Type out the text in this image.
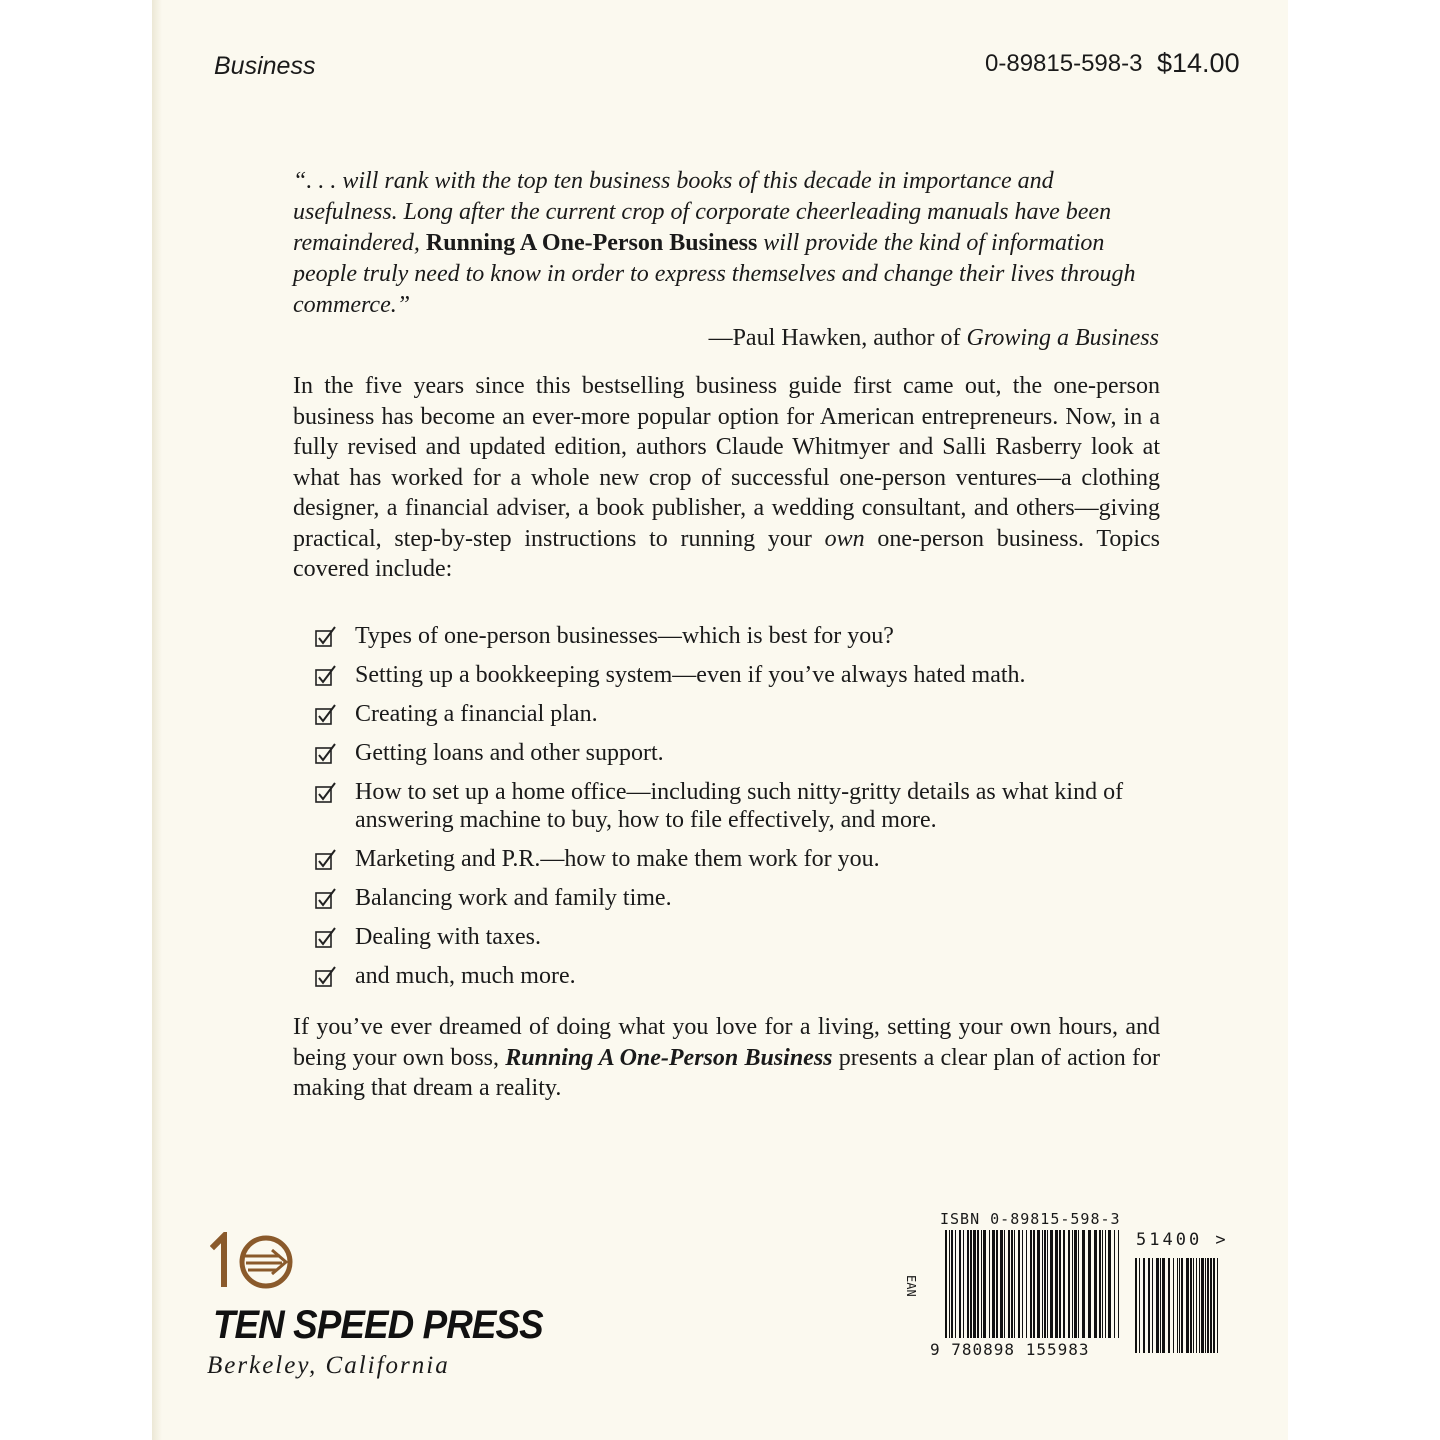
Business	0-89815-598-3 $14.00
“. . . will rank with the top ten business books of this decade in importance and usefulness. Long after the current crop of corporate cheerleading manuals have been remaindered, Running A One-Person Business will provide the kind of information people truly need to know in order to express themselves and change their lives through commerce.”
—Paul Hawken, author of Growing a Business
In the five years since this bestselling business guide first came out, the one-person business has become an ever-more popular option for American entrepreneurs. Now, in a fully revised and updated edition, authors Claude Whitmyer and Salli Rasberry look at what has worked for a whole new crop of successful one-person ventures—a clothing designer, a financial adviser, a book publisher, a wedding consultant, and others—giving practical, step-by-step instructions to running your own one-person business. Topics covered include:
Types of one-person businesses—which is best for you?
Setting up a bookkeeping system—even if you’ve always hated math.
Creating a financial plan.
Getting loans and other support.
How to set up a home office—including such nitty-gritty details as what kind of answering machine to buy, how to file effectively, and more.
Marketing and P.R.—how to make them work for you.
Balancing work and family time.
Dealing with taxes.
and much, much more.
If you’ve ever dreamed of doing what you love for a living, setting your own hours, and being your own boss, Running A One-Person Business presents a clear plan of action for making that dream a reality.
TEN SPEED PRESS
Berkeley, California
ISBN 0-89815-598-3
EAN
9 780898 155983
51400 >
